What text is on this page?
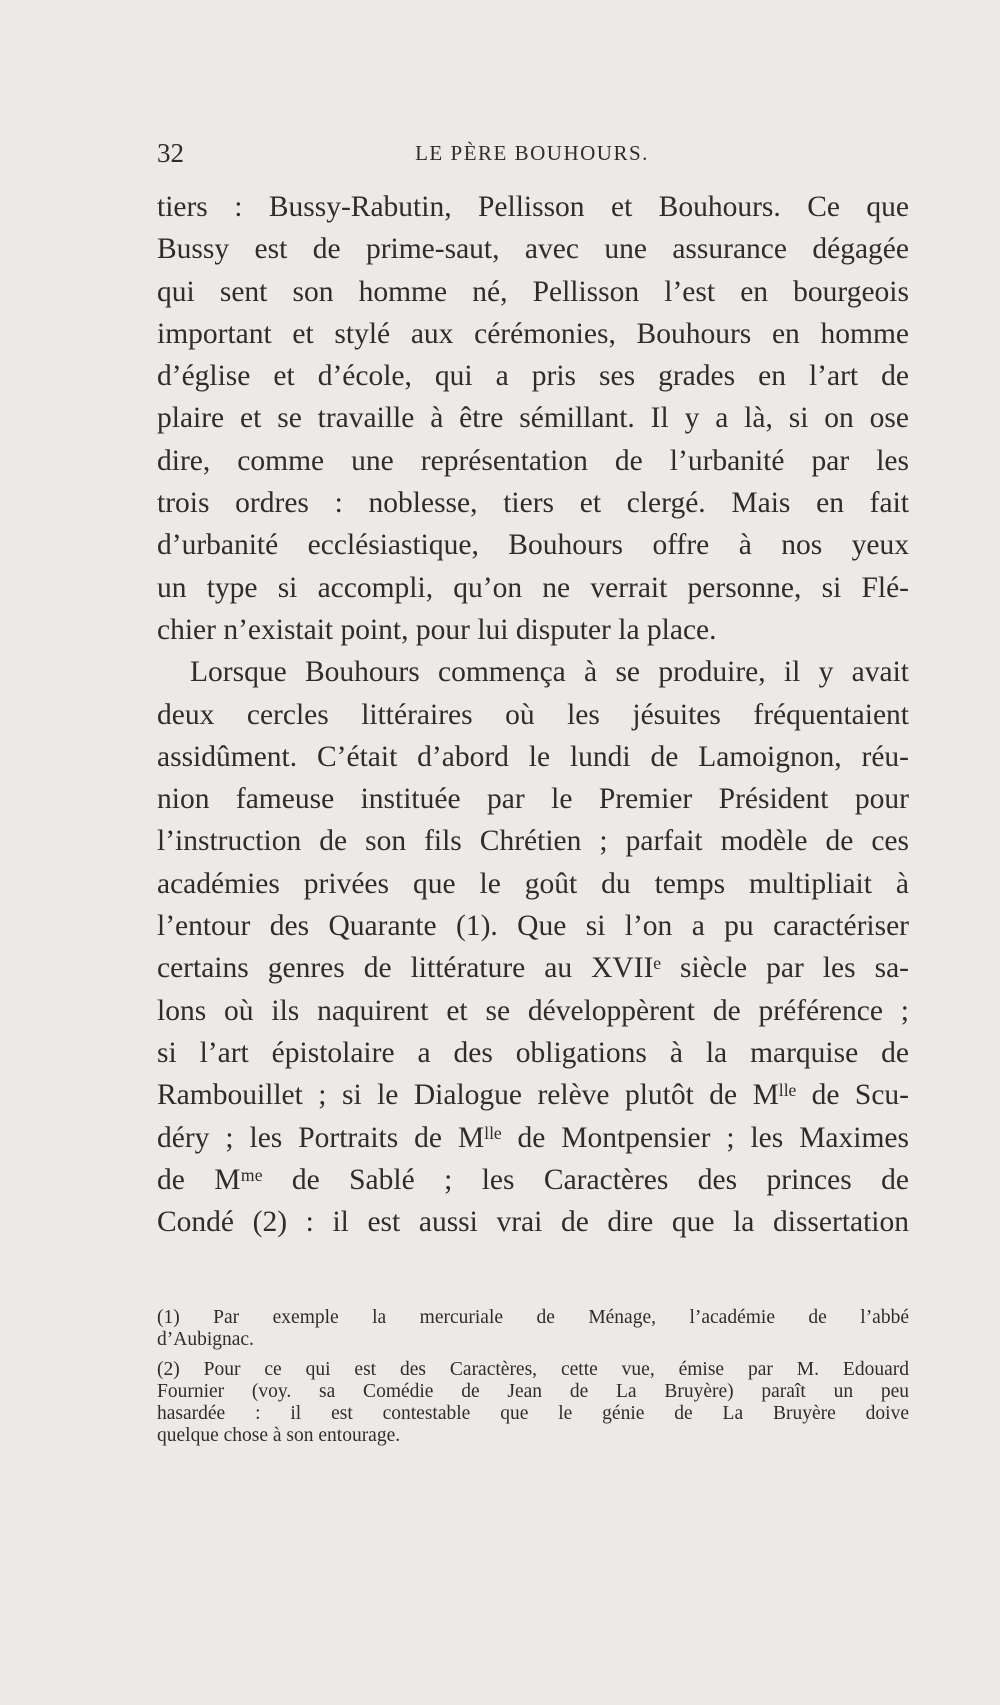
32	LE PÈRE BOUHOURS.
tiers : Bussy-Rabutin, Pellisson et Bouhours. Ce que
Bussy est de prime-saut, avec une assurance dégagée
qui sent son homme né, Pellisson l’est en bourgeois
important et stylé aux cérémonies, Bouhours en homme
d’église et d’école, qui a pris ses grades en l’art de
plaire et se travaille à être sémillant. Il y a là, si on ose
dire, comme une représentation de l’urbanité par les
trois ordres : noblesse, tiers et clergé. Mais en fait
d’urbanité ecclésiastique, Bouhours offre à nos yeux
un type si accompli, qu’on ne verrait personne, si Flé-
chier n’existait point, pour lui disputer la place.
Lorsque Bouhours commença à se produire, il y avait
deux cercles littéraires où les jésuites fréquentaient
assidûment. C’était d’abord le lundi de Lamoignon, réu-
nion fameuse instituée par le Premier Président pour
l’instruction de son fils Chrétien ; parfait modèle de ces
académies privées que le goût du temps multipliait à
l’entour des Quarante (1). Que si l’on a pu caractériser
certains genres de littérature au XVIIᵉ siècle par les sa-
lons où ils naquirent et se développèrent de préférence ;
si l’art épistolaire a des obligations à la marquise de
Rambouillet ; si le Dialogue relève plutôt de Mˡˡᵉ de Scu-
déry ; les Portraits de Mˡˡᵉ de Montpensier ; les Maximes
de Mᵐᵉ de Sablé ; les Caractères des princes de
Condé (2) : il est aussi vrai de dire que la dissertation
(1) Par exemple la mercuriale de Ménage, l’académie de l’abbé
d’Aubignac.
(2) Pour ce qui est des Caractères, cette vue, émise par M. Edouard
Fournier (voy. sa Comédie de Jean de La Bruyère) paraît un peu
hasardée : il est contestable que le génie de La Bruyère doive
quelque chose à son entourage.
